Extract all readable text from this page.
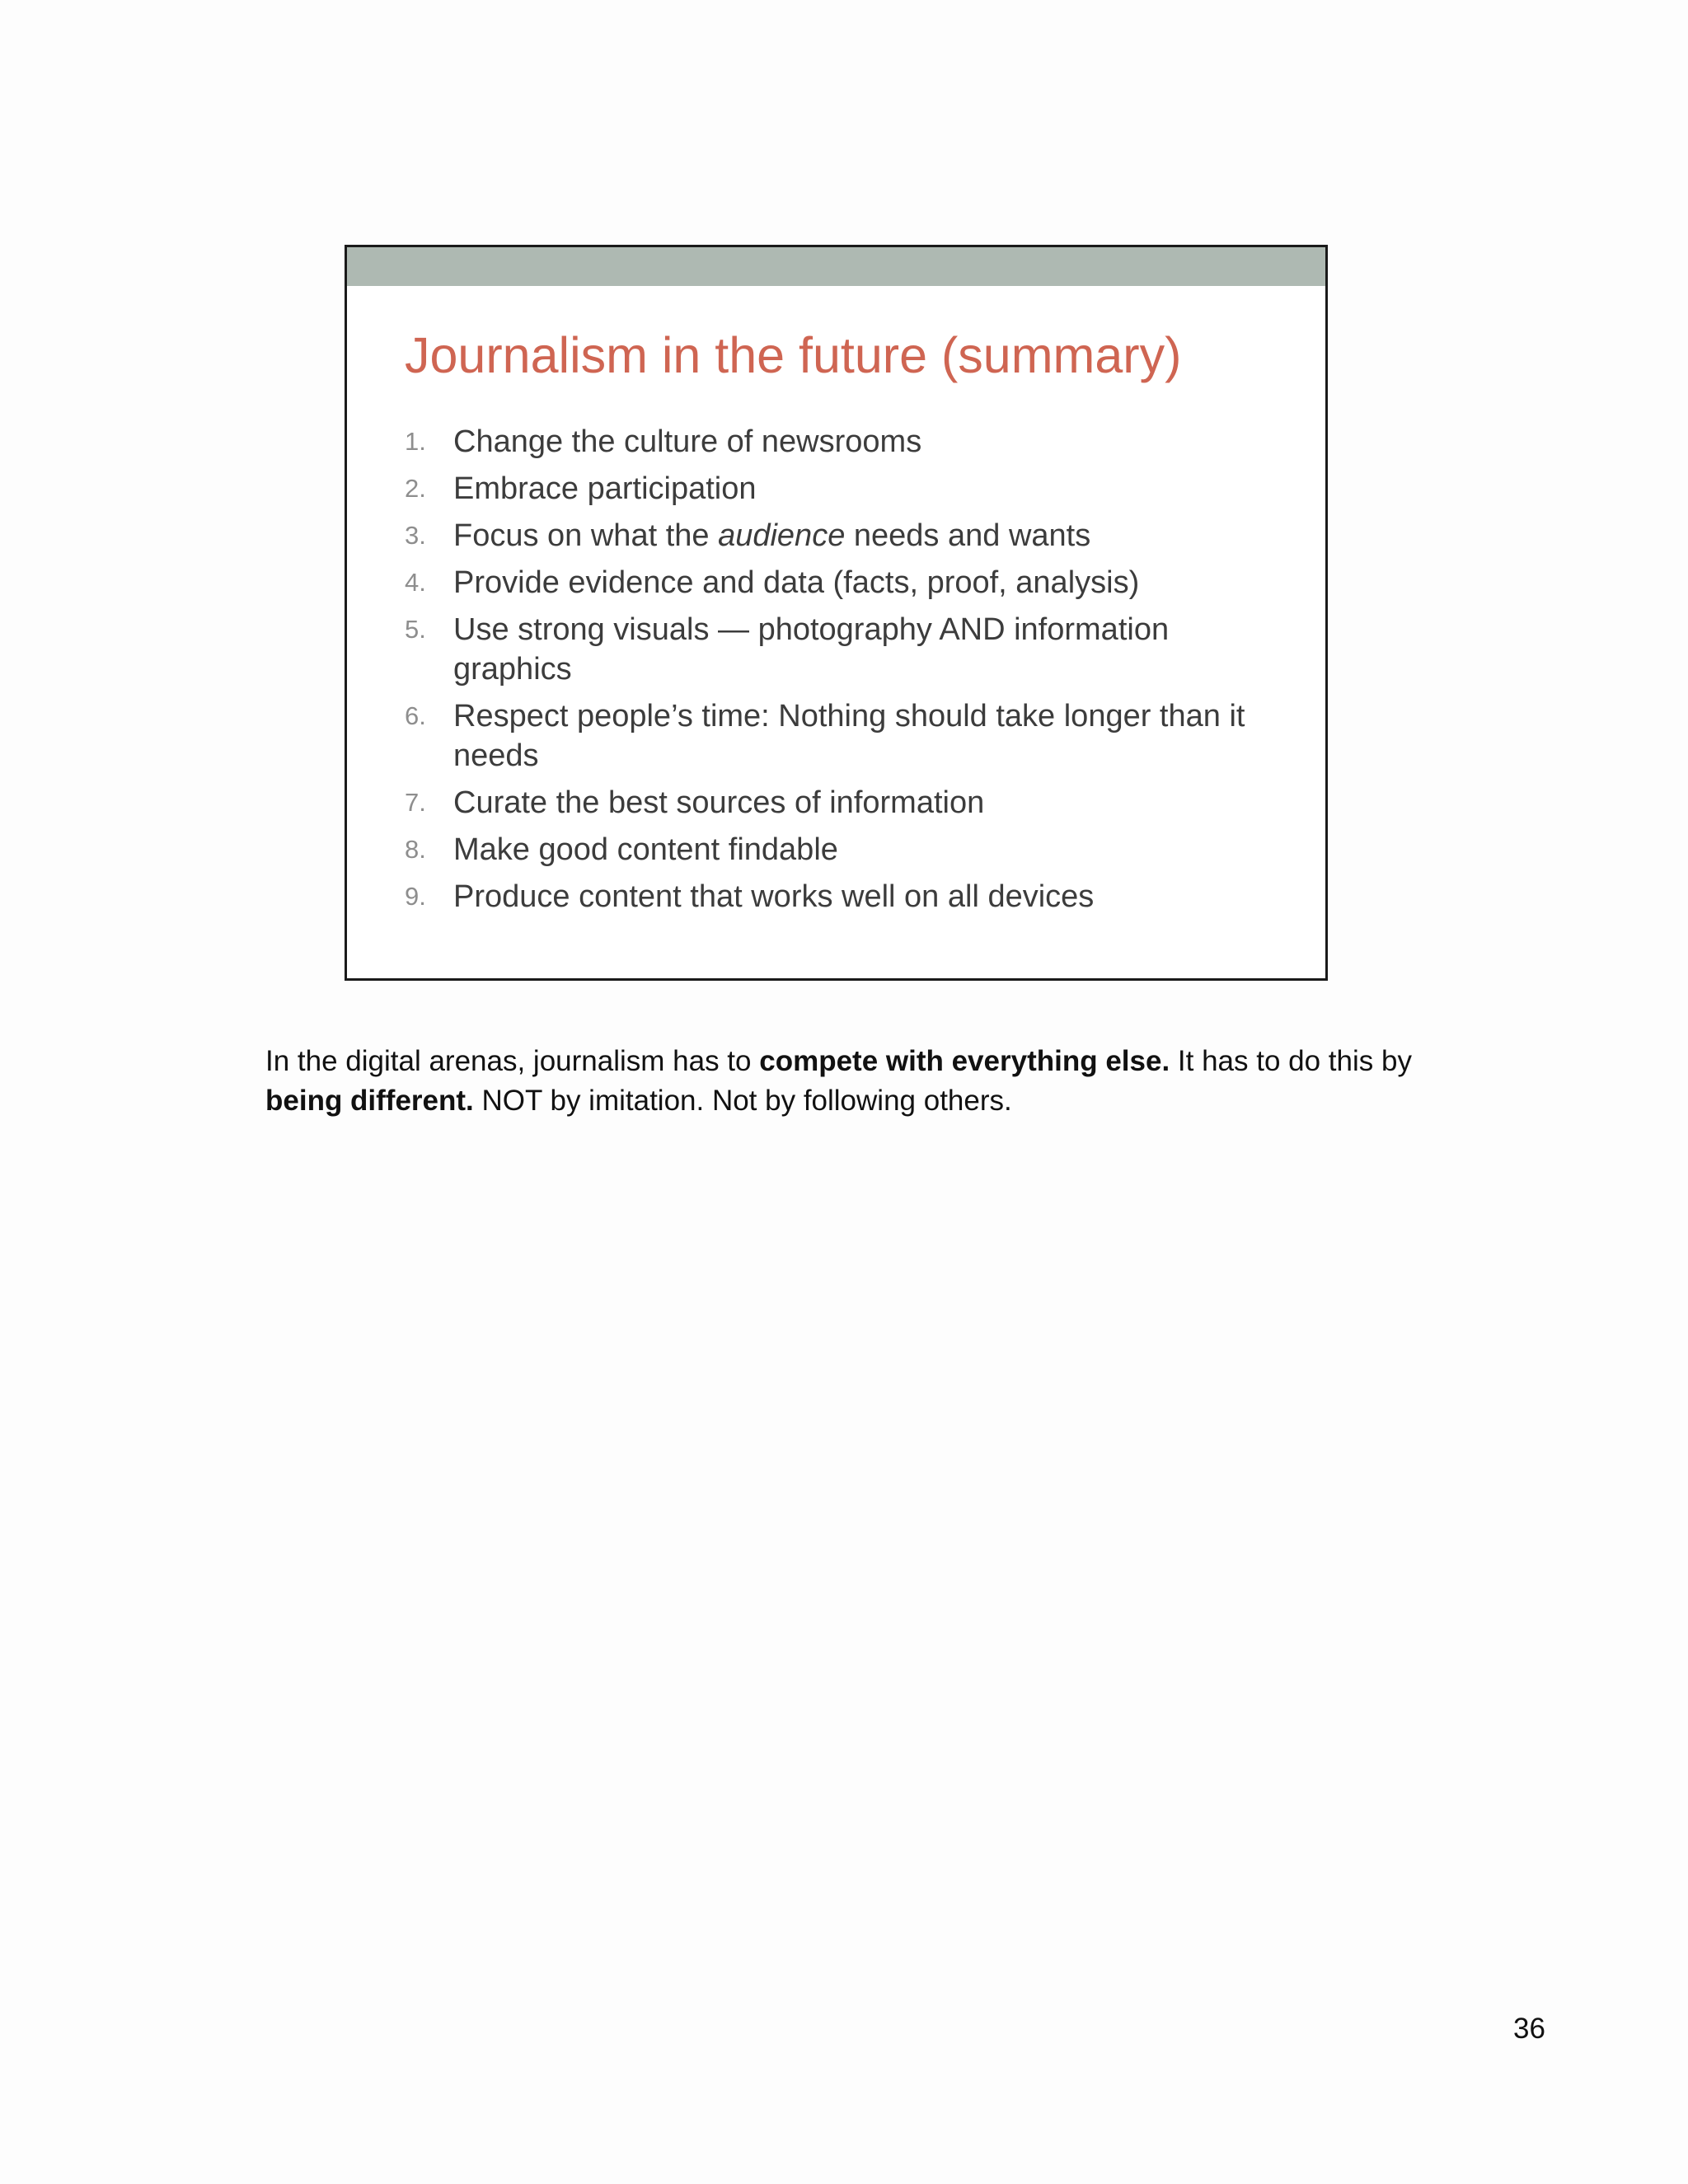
Journalism in the future (summary)
1. Change the culture of newsrooms
2. Embrace participation
3. Focus on what the audience needs and wants
4. Provide evidence and data (facts, proof, analysis)
5. Use strong visuals — photography AND information graphics
6. Respect people’s time: Nothing should take longer than it needs
7. Curate the best sources of information
8. Make good content findable
9. Produce content that works well on all devices

In the digital arenas, journalism has to compete with everything else. It has to do this by being different. NOT by imitation. Not by following others.

36
